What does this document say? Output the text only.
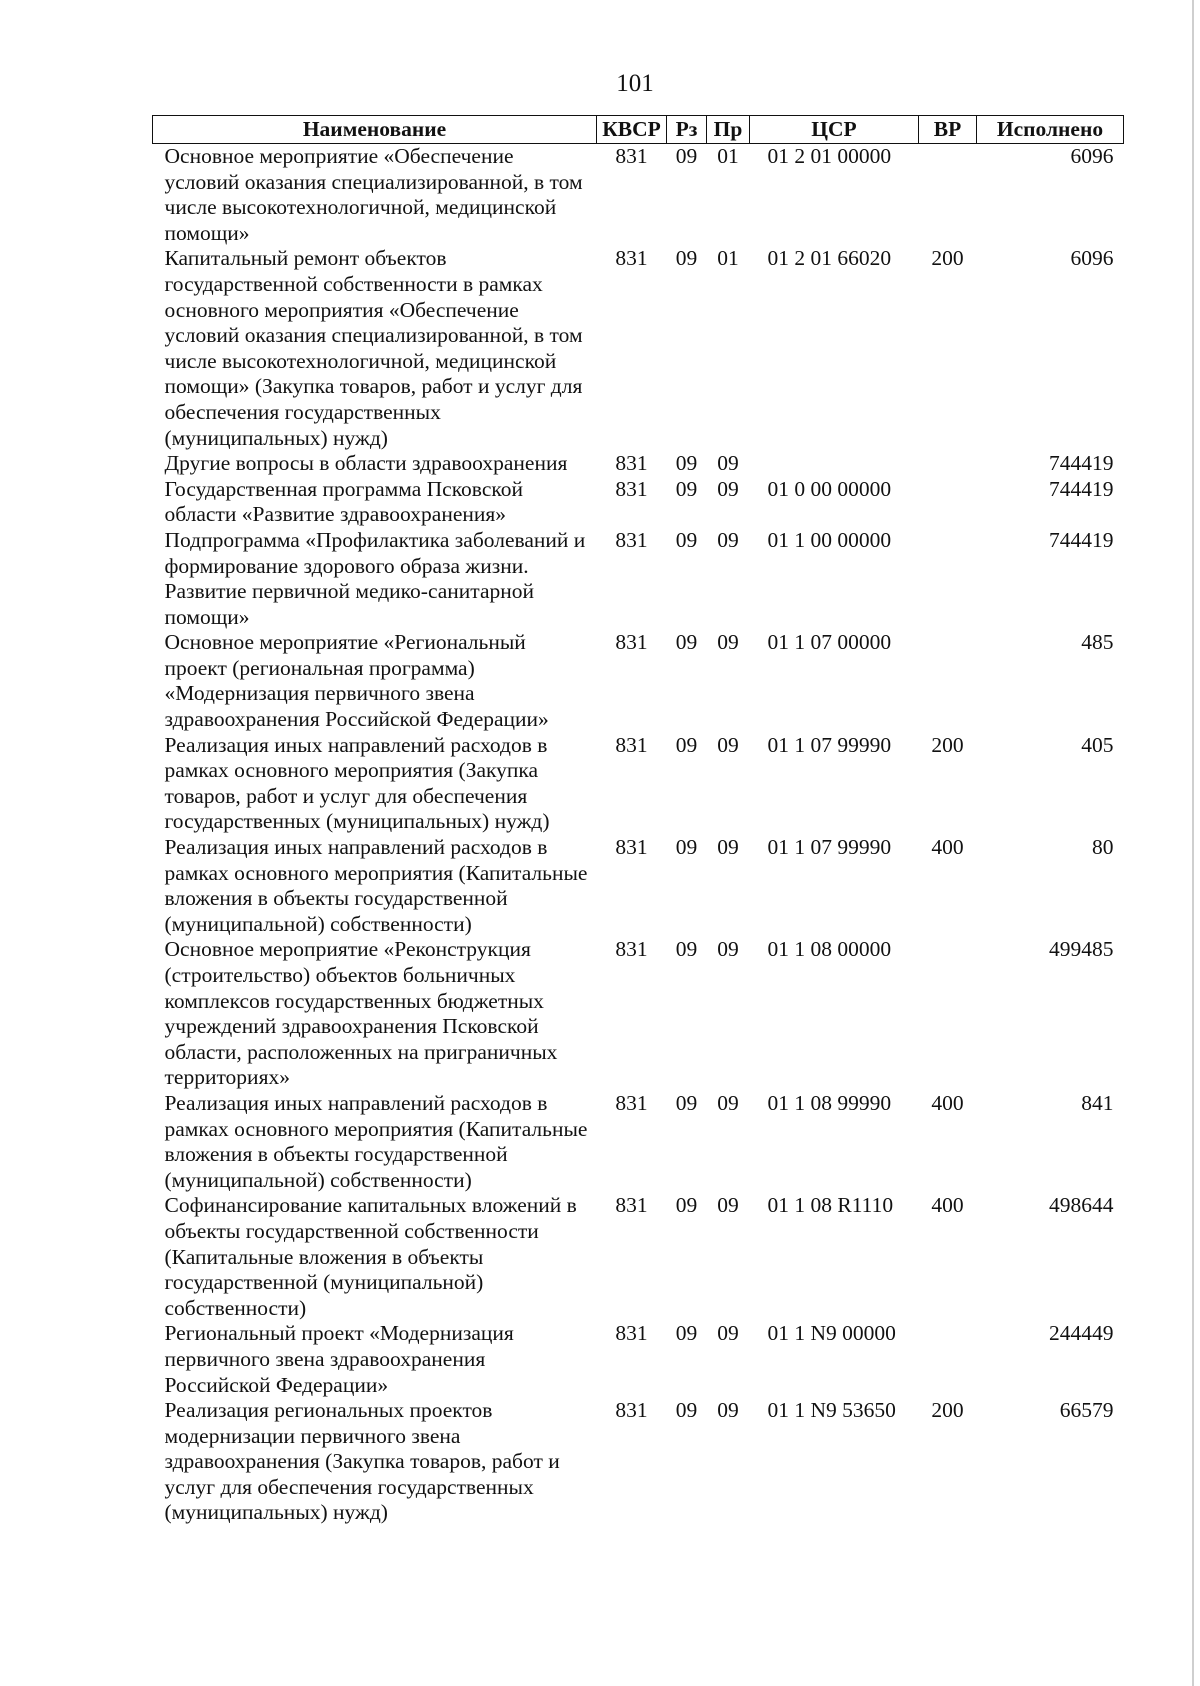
101
Наименование	КВСР	Рз	Пр	ЦСР	ВР	Исполнено
Основное мероприятие «Обеспечение условий оказания специализированной, в том числе высокотехнологичной, медицинской помощи»	831	09	01	01 2 01 00000		6096
Капитальный ремонт объектов государственной собственности в рамках основного мероприятия «Обеспечение условий оказания специализированной, в том числе высокотехнологичной, медицинской помощи» (Закупка товаров, работ и услуг для обеспечения государственных (муниципальных) нужд)	831	09	01	01 2 01 66020	200	6096
Другие вопросы в области здравоохранения	831	09	09			744419
Государственная программа Псковской области «Развитие здравоохранения»	831	09	09	01 0 00 00000		744419
Подпрограмма «Профилактика заболеваний и формирование здорового образа жизни. Развитие первичной медико-санитарной помощи»	831	09	09	01 1 00 00000		744419
Основное мероприятие «Региональный проект (региональная программа) «Модернизация первичного звена здравоохранения Российской Федерации»	831	09	09	01 1 07 00000		485
Реализация иных направлений расходов в рамках основного мероприятия (Закупка товаров, работ и услуг для обеспечения государственных (муниципальных) нужд)	831	09	09	01 1 07 99990	200	405
Реализация иных направлений расходов в рамках основного мероприятия (Капитальные вложения в объекты государственной (муниципальной) собственности)	831	09	09	01 1 07 99990	400	80
Основное мероприятие «Реконструкция (строительство) объектов больничных комплексов государственных бюджетных учреждений здравоохранения Псковской области, расположенных на приграничных территориях»	831	09	09	01 1 08 00000		499485
Реализация иных направлений расходов в рамках основного мероприятия (Капитальные вложения в объекты государственной (муниципальной) собственности)	831	09	09	01 1 08 99990	400	841
Софинансирование капитальных вложений в объекты государственной собственности (Капитальные вложения в объекты государственной (муниципальной) собственности)	831	09	09	01 1 08 R1110	400	498644
Региональный проект «Модернизация первичного звена здравоохранения Российской Федерации»	831	09	09	01 1 N9 00000		244449
Реализация региональных проектов модернизации первичного звена здравоохранения (Закупка товаров, работ и услуг для обеспечения государственных (муниципальных) нужд)	831	09	09	01 1 N9 53650	200	66579
